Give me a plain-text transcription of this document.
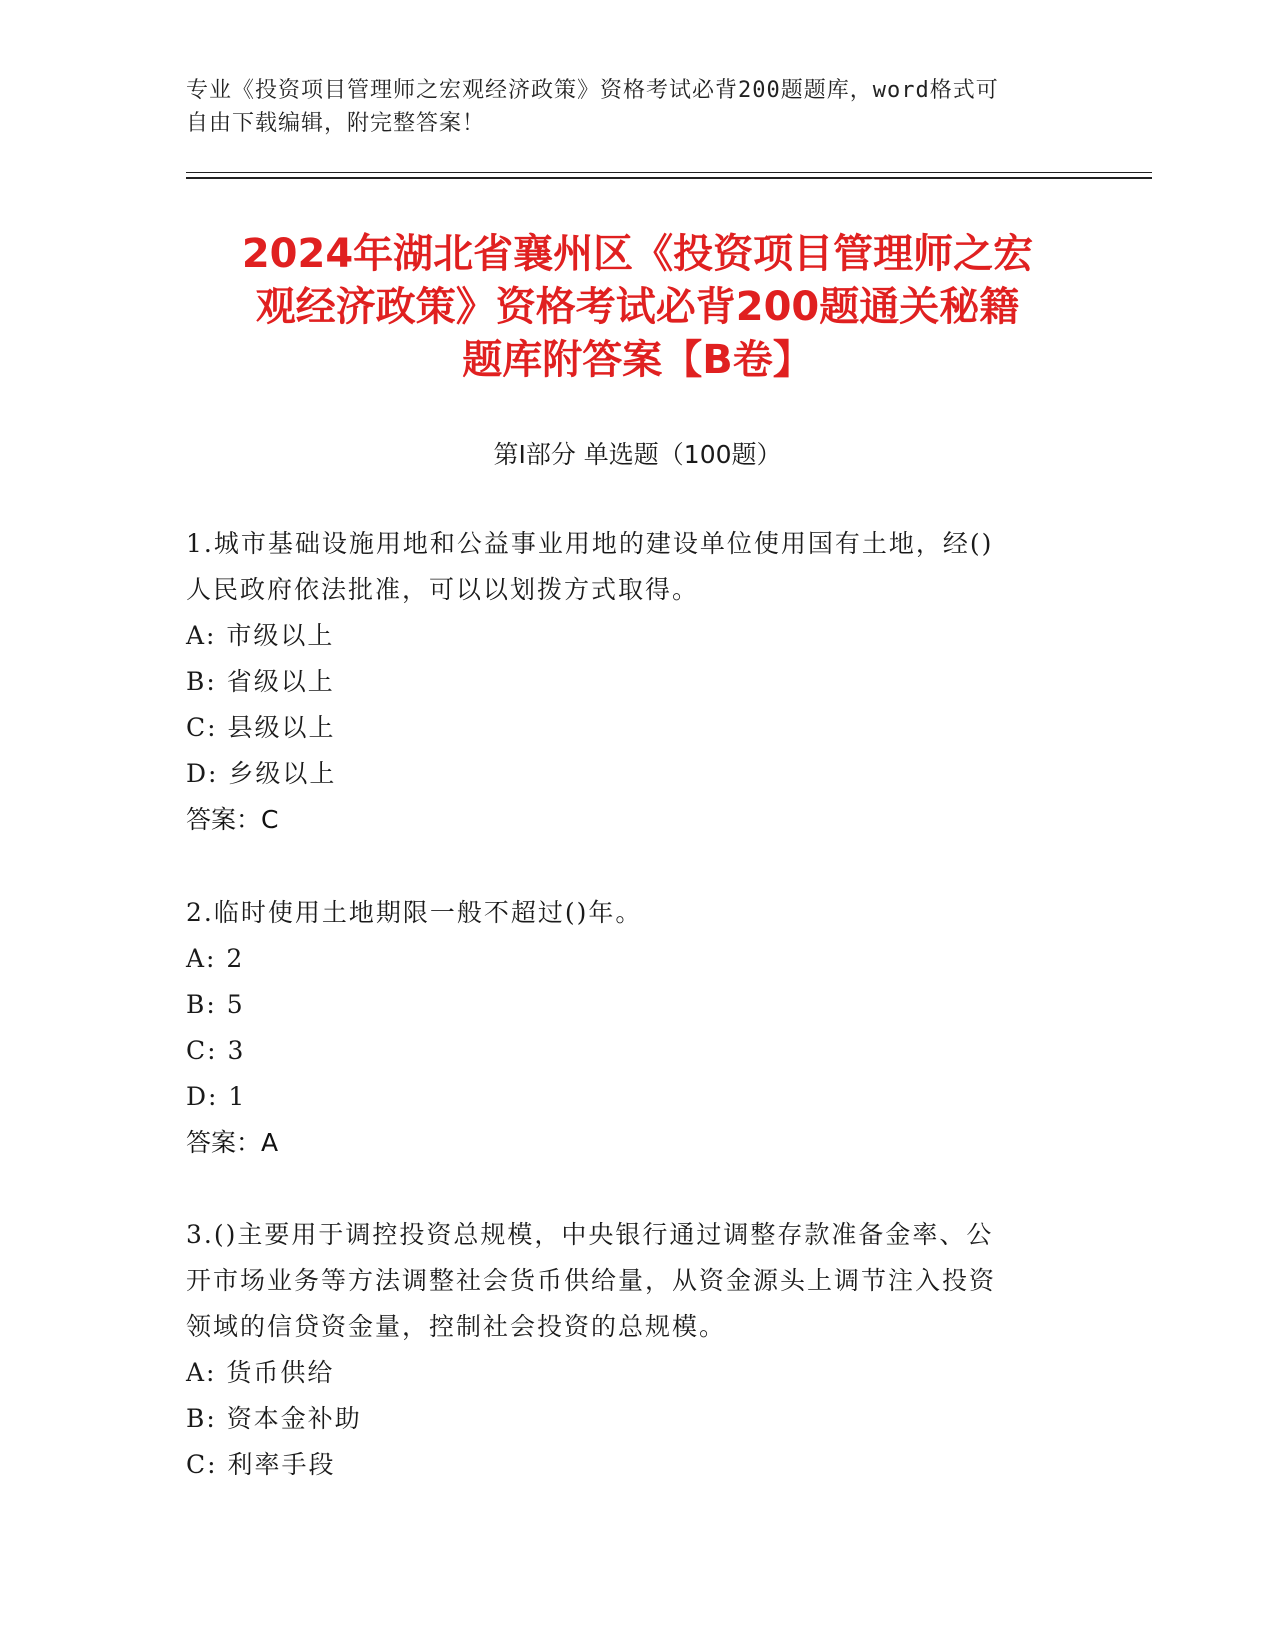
专业《投资项目管理师之宏观经济政策》资格考试必背200题题库，word格式可
自由下载编辑，附完整答案！
2024年湖北省襄州区《投资项目管理师之宏
观经济政策》资格考试必背200题通关秘籍
题库附答案【B卷】
第Ⅰ部分 单选题（100题）

1.城市基础设施用地和公益事业用地的建设单位使用国有土地，经()

人民政府依法批准，可以以划拨方式取得。

A: 市级以上

B: 省级以上

C: 县级以上

D: 乡级以上

答案：C

2.临时使用土地期限一般不超过()年。

A: 2

B: 5

C: 3

D: 1

答案：A

3.()主要用于调控投资总规模，中央银行通过调整存款准备金率、公

开市场业务等方法调整社会货币供给量，从资金源头上调节注入投资

领域的信贷资金量，控制社会投资的总规模。

A: 货币供给

B: 资本金补助

C: 利率手段
